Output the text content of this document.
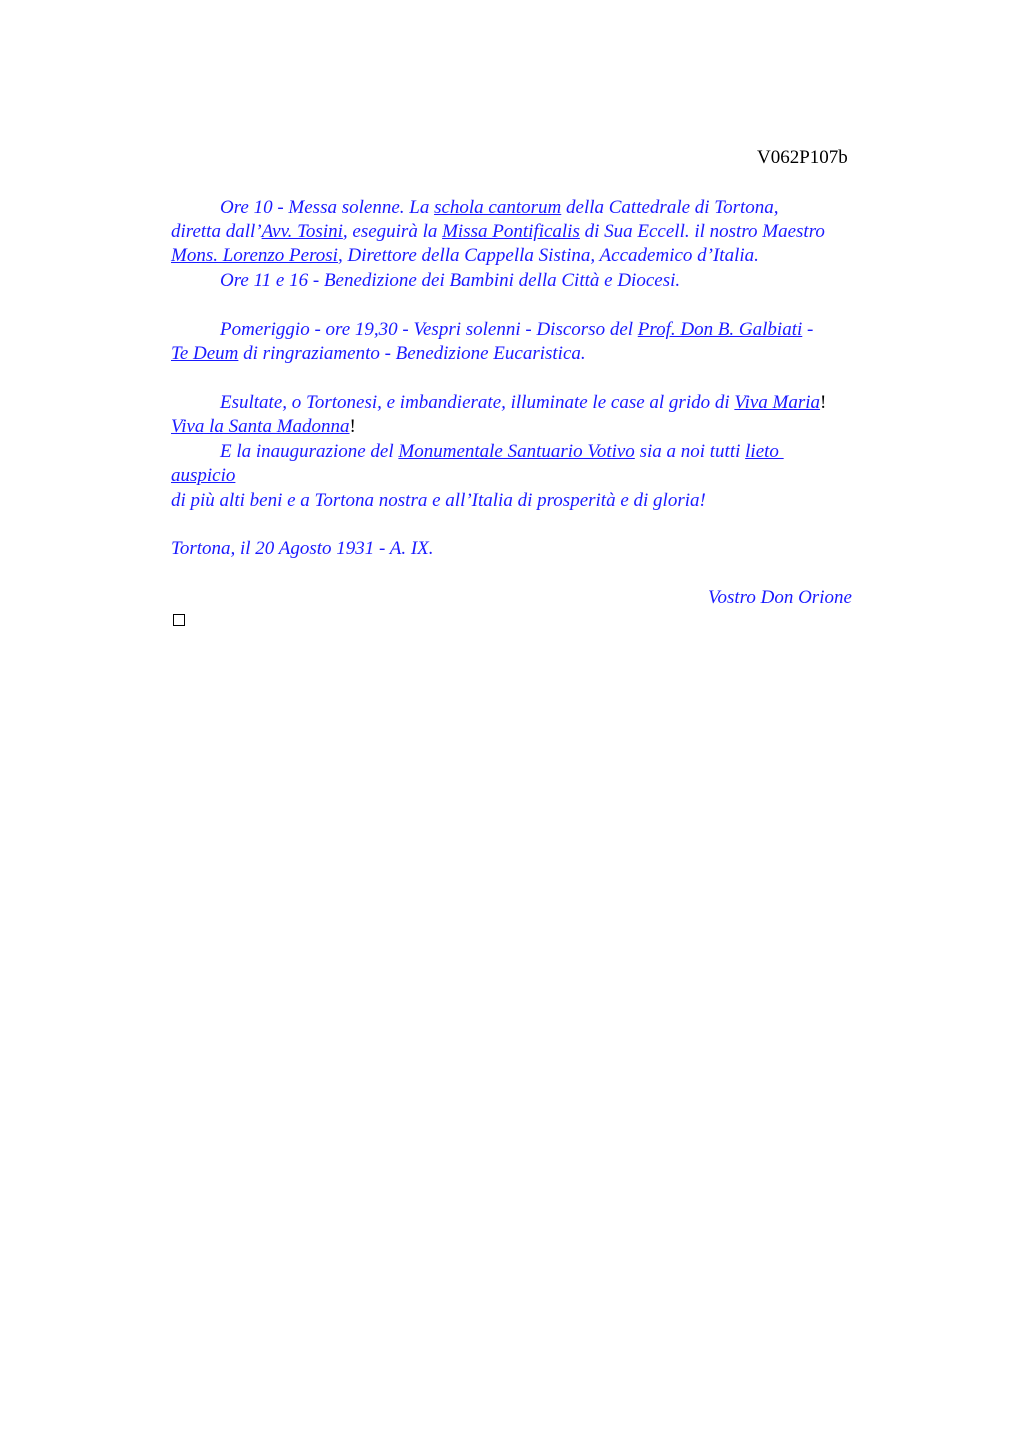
V062P107b
Ore 10 - Messa solenne. La schola cantorum della Cattedrale di Tortona,
diretta dall’Avv. Tosini, eseguirà la Missa Pontificalis di Sua Eccell. il nostro Maestro
Mons. Lorenzo Perosi, Direttore della Cappella Sistina, Accademico d’Italia.
Ore 11 e 16 - Benedizione dei Bambini della Città e Diocesi.
Pomeriggio - ore 19,30 - Vespri solenni - Discorso del Prof. Don B. Galbiati -
Te Deum di ringraziamento - Benedizione Eucaristica.
Esultate, o Tortonesi, e imbandierate, illuminate le case al grido di Viva Maria!
Viva la Santa Madonna!
E la inaugurazione del Monumentale Santuario Votivo sia a noi tutti lieto
auspicio
di più alti beni e a Tortona nostra e all’Italia di prosperità e di gloria!
Tortona, il 20 Agosto 1931 - A. IX.
Vostro Don Orione
